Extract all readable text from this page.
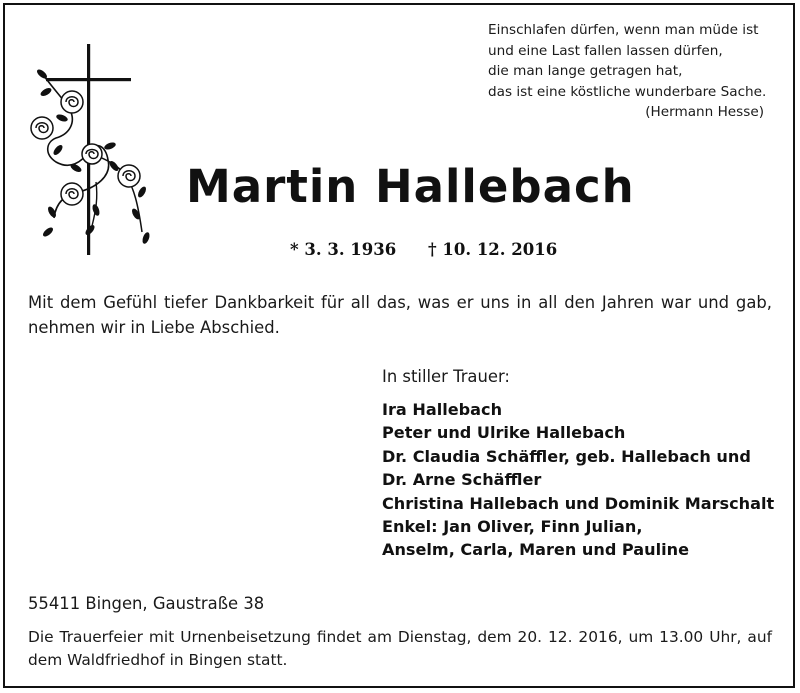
Einschlafen dürfen, wenn man müde ist
und eine Last fallen lassen dürfen,
die man lange getragen hat,
das ist eine köstliche wunderbare Sache.
(Hermann Hesse)
Martin Hallebach
* 3. 3. 1936 † 10. 12. 2016
Mit dem Gefühl tiefer Dankbarkeit für all das, was er uns in all den Jahren war und gab, nehmen wir in Liebe Abschied.
In stiller Trauer:
Ira Hallebach
Peter und Ulrike Hallebach
Dr. Claudia Schäffler, geb. Hallebach und
Dr. Arne Schäffler
Christina Hallebach und Dominik Marschalt
Enkel: Jan Oliver, Finn Julian,
Anselm, Carla, Maren und Pauline
55411 Bingen, Gaustraße 38
Die Trauerfeier mit Urnenbeisetzung findet am Dienstag, dem 20. 12. 2016, um 13.00 Uhr, auf dem Waldfriedhof in Bingen statt.
